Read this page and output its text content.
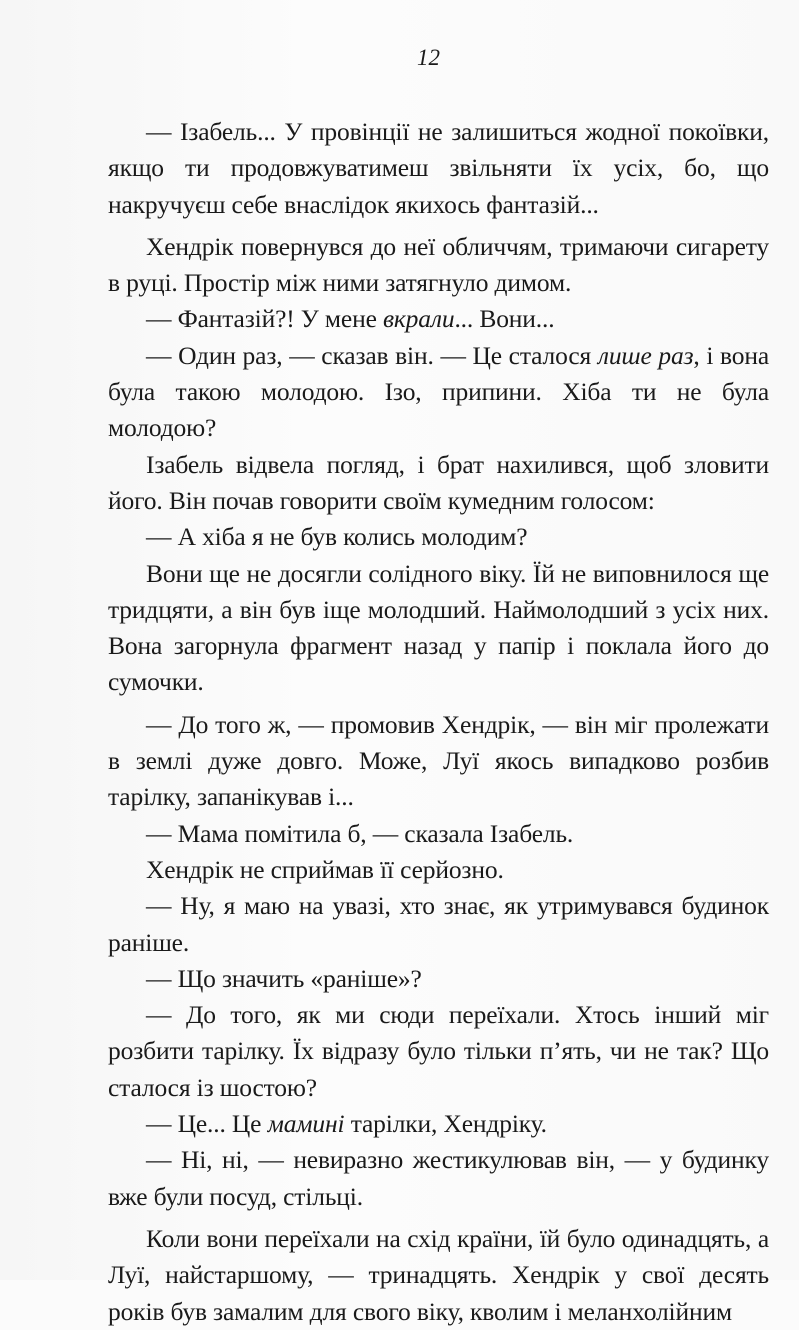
12

— Ізабель... У провінції не залишиться жодної покоївки, якщо ти продовжуватимеш звільняти їх усіх, бо, що накручуєш себе внаслідок якихось фантазій...

Хендрік повернувся до неї обличчям, тримаючи сигарету в руці. Простір між ними затягнуло димом.

— Фантазій?! У мене вкрали... Вони...

— Один раз, — сказав він. — Це сталося лише раз, і вона була такою молодою. Ізо, припини. Хіба ти не була молодою?

Ізабель відвела погляд, і брат нахилився, щоб зловити його. Він почав говорити своїм кумедним голосом:

— А хіба я не був колись молодим?

Вони ще не досягли солідного віку. Їй не виповнилося ще тридцяти, а він був іще молодший. Наймолодший з усіх них. Вона загорнула фрагмент назад у папір і поклала його до сумочки.

— До того ж, — промовив Хендрік, — він міг пролежати в землі дуже довго. Може, Луї якось випадково розбив тарілку, запанікував і...

— Мама помітила б, — сказала Ізабель.

Хендрік не сприймав її серйозно.

— Ну, я маю на увазі, хто знає, як утримувався будинок раніше.

— Що значить «раніше»?

— До того, як ми сюди переїхали. Хтось інший міг розбити тарілку. Їх відразу було тільки п’ять, чи не так? Що сталося із шостою?

— Це... Це мамині тарілки, Хендріку.

— Ні, ні, — невиразно жестикулював він, — у будинку вже були посуд, стільці.

Коли вони переїхали на схід країни, їй було одинадцять, а Луї, найстаршому, — тринадцять. Хендрік у свої десять років був замалим для свого віку, кволим і меланхолійним
